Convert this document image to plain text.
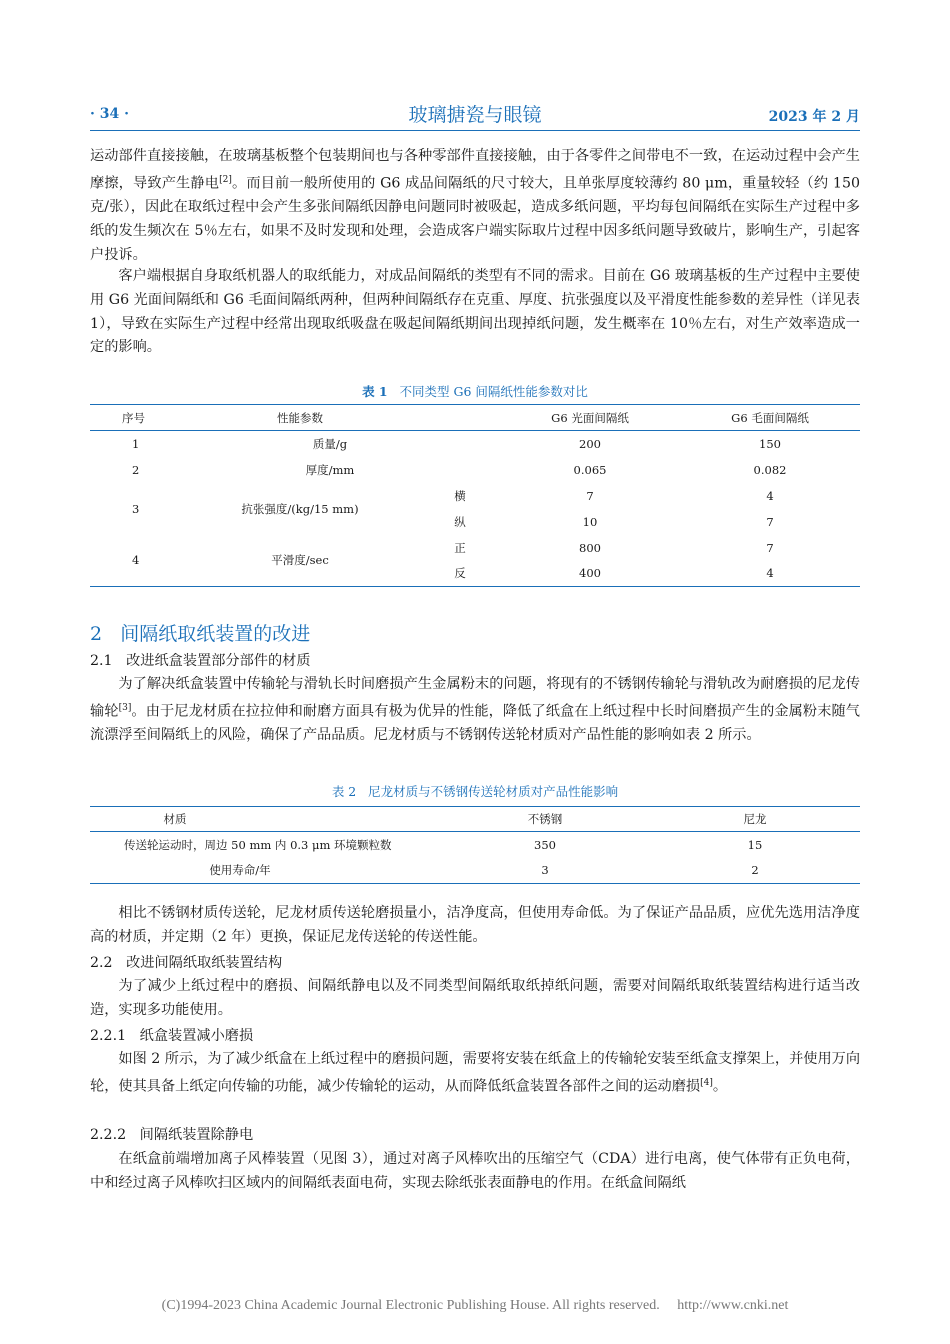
· 34 ·	玻璃搪瓷与眼镜	2023 年 2 月

运动部件直接接触，在玻璃基板整个包装期间也与各种零部件直接接触，由于各零件之间带电不一致，在运动过程中会产生摩擦，导致产生静电[2]。而目前一般所使用的 G6 成品间隔纸的尺寸较大，且单张厚度较薄约 80 μm，重量较轻（约 150 克/张），因此在取纸过程中会产生多张间隔纸因静电问题同时被吸起，造成多纸问题，平均每包间隔纸在实际生产过程中多纸的发生频次在 5％左右，如果不及时发现和处理，会造成客户端实际取片过程中因多纸问题导致破片，影响生产，引起客户投诉。

客户端根据自身取纸机器人的取纸能力，对成品间隔纸的类型有不同的需求。目前在 G6 玻璃基板的生产过程中主要使用 G6 光面间隔纸和 G6 毛面间隔纸两种，但两种间隔纸存在克重、厚度、抗张强度以及平滑度性能参数的差异性（详见表 1），导致在实际生产过程中经常出现取纸吸盘在吸起间隔纸期间出现掉纸问题，发生概率在 10％左右，对生产效率造成一定的影响。

表 1 不同类型 G6 间隔纸性能参数对比
序号	性能参数		G6 光面间隔纸	G6 毛面间隔纸
1	质量/g		200	150
2	厚度/mm		0.065	0.082
3	抗张强度/(kg/15 mm)	横	7	4
		纵	10	7
4	平滑度/sec	正	800	7
		反	400	4
2 间隔纸取纸装置的改进
2.1 改进纸盒装置部分部件的材质

为了解决纸盒装置中传输轮与滑轨长时间磨损产生金属粉末的问题，将现有的不锈钢传输轮与滑轨改为耐磨损的尼龙传输轮[3]。由于尼龙材质在拉拉伸和耐磨方面具有极为优异的性能，降低了纸盒在上纸过程中长时间磨损产生的金属粉末随气流漂浮至间隔纸上的风险，确保了产品品质。尼龙材质与不锈钢传送轮材质对产品性能的影响如表 2 所示。

表 2 尼龙材质与不锈钢传送轮材质对产品性能影响
材质	不锈钢	尼龙
传送轮运动时，周边 50 mm 内 0.3 μm 环境颗粒数	350	15
使用寿命/年	3	2

相比不锈钢材质传送轮，尼龙材质传送轮磨损量小，洁净度高，但使用寿命低。为了保证产品品质，应优先选用洁净度高的材质，并定期（2 年）更换，保证尼龙传送轮的传送性能。

2.2 改进间隔纸取纸装置结构

为了减少上纸过程中的磨损、间隔纸静电以及不同类型间隔纸取纸掉纸问题，需要对间隔纸取纸装置结构进行适当改造，实现多功能使用。

2.2.1 纸盒装置减小磨损

如图 2 所示，为了减少纸盒在上纸过程中的磨损问题，需要将安装在纸盒上的传输轮安装至纸盒支撑架上，并使用万向轮，使其具备上纸定向传输的功能，减少传输轮的运动，从而降低纸盒装置各部件之间的运动磨损[4]。

2.2.2 间隔纸装置除静电

在纸盒前端增加离子风棒装置（见图 3），通过对离子风棒吹出的压缩空气（CDA）进行电离，使气体带有正负电荷，中和经过离子风棒吹扫区域内的间隔纸表面电荷，实现去除纸张表面静电的作用。在纸盒间隔纸

(C)1994-2023 China Academic Journal Electronic Publishing House. All rights reserved. http://www.cnki.net
